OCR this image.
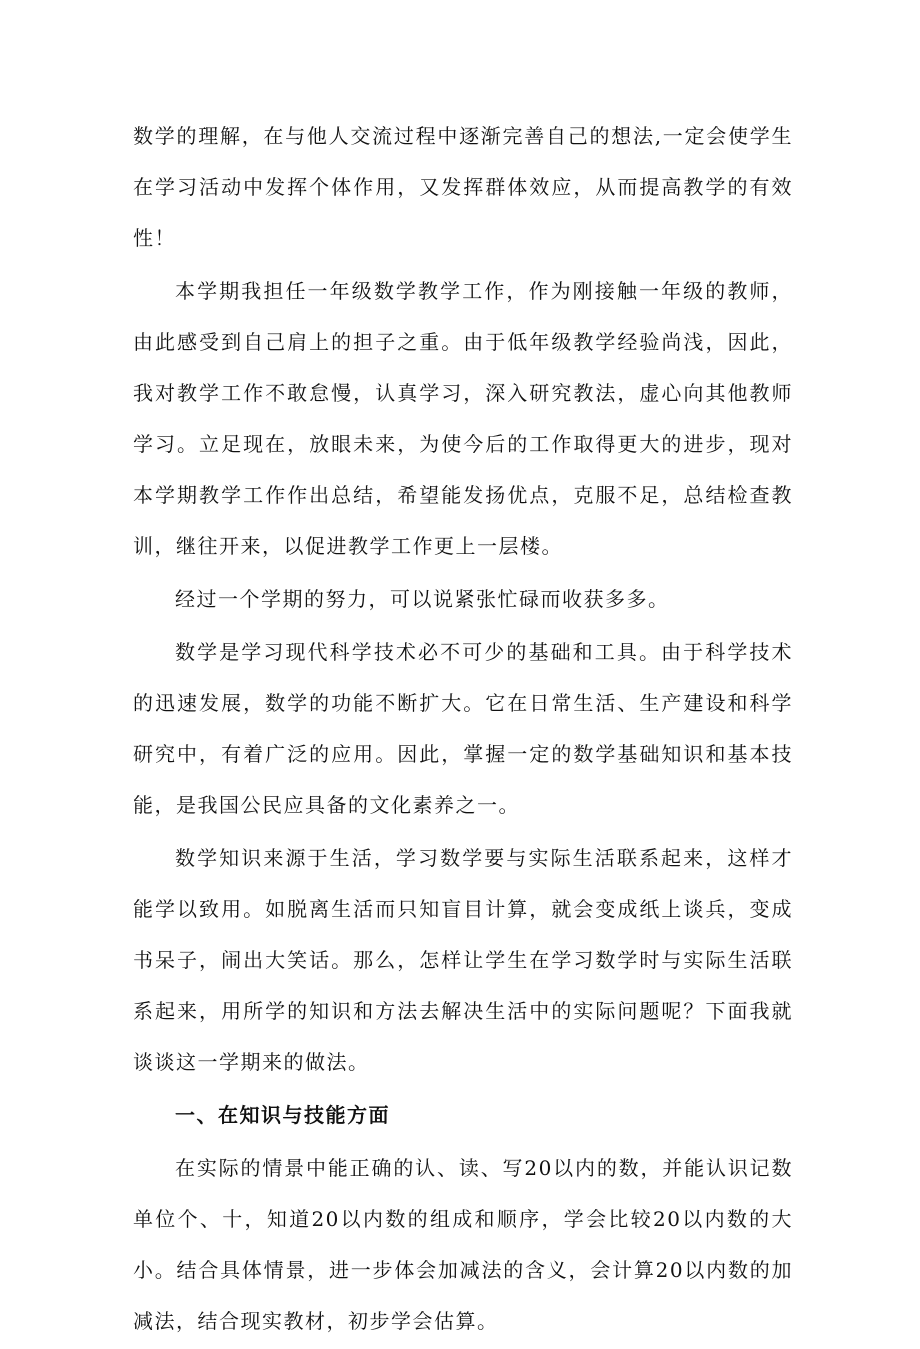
数学的理解，在与他人交流过程中逐渐完善自己的想法,一定会使学生在学习活动中发挥个体作用，又发挥群体效应，从而提高教学的有效性！

本学期我担任一年级数学教学工作，作为刚接触一年级的教师，由此感受到自己肩上的担子之重。由于低年级教学经验尚浅，因此，我对教学工作不敢怠慢，认真学习，深入研究教法，虚心向其他教师学习。立足现在，放眼未来，为使今后的工作取得更大的进步，现对本学期教学工作作出总结，希望能发扬优点，克服不足，总结检查教训，继往开来，以促进教学工作更上一层楼。

经过一个学期的努力，可以说紧张忙碌而收获多多。

数学是学习现代科学技术必不可少的基础和工具。由于科学技术的迅速发展，数学的功能不断扩大。它在日常生活、生产建设和科学研究中，有着广泛的应用。因此，掌握一定的数学基础知识和基本技能，是我国公民应具备的文化素养之一。

数学知识来源于生活，学习数学要与实际生活联系起来，这样才能学以致用。如脱离生活而只知盲目计算，就会变成纸上谈兵，变成书呆子，闹出大笑话。那么，怎样让学生在学习数学时与实际生活联系起来，用所学的知识和方法去解决生活中的实际问题呢？下面我就谈谈这一学期来的做法。

一、在知识与技能方面

在实际的情景中能正确的认、读、写20以内的数，并能认识记数单位个、十，知道20以内数的组成和顺序，学会比较20以内数的大小。结合具体情景，进一步体会加减法的含义，会计算20以内数的加减法，结合现实教材，初步学会估算。
